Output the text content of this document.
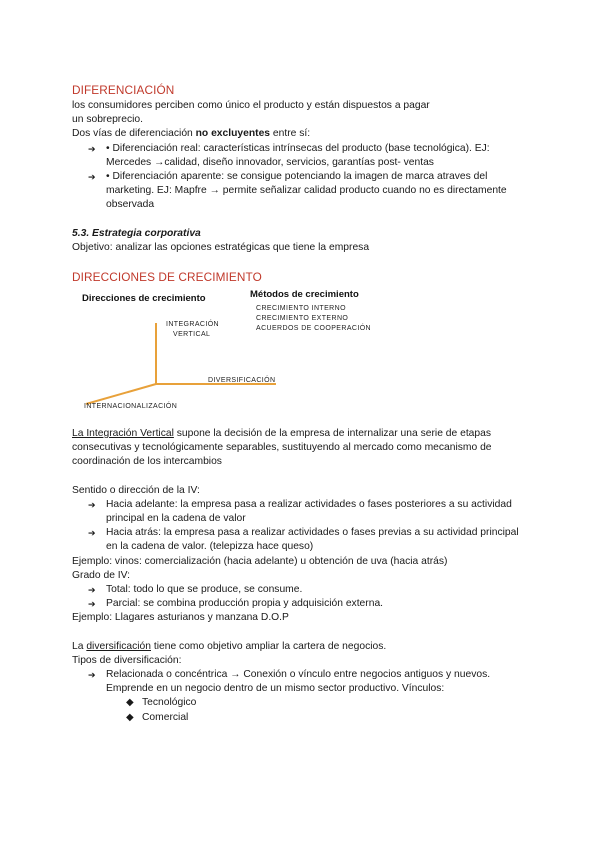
DIFERENCIACIÓN

los consumidores perciben como único el producto y están dispuestos a pagar

un sobreprecio.

Dos vías de diferenciación no excluyentes entre sí:

➔ • Diferenciación real: características intrínsecas del producto (base tecnológica). EJ: Mercedes →calidad, diseño innovador, servicios, garantías post- ventas
➔ • Diferenciación aparente: se consigue potenciando la imagen de marca atraves del marketing. EJ: Mapfre → permite señalizar calidad producto cuando no es directamente observada

5.3. Estrategia corporativa

Objetivo: analizar las opciones estratégicas que tiene la empresa

DIRECCIONES DE CRECIMIENTO
Direcciones de crecimiento	Métodos de crecimiento
CRECIMIENTO INTERNO
CRECIMIENTO EXTERNO
ACUERDOS DE COOPERACIÓN
INTEGRACIÓN
VERTICAL
DIVERSIFICACIÓN
INTERNACIONALIZACIÓN

La Integración Vertical supone la decisión de la empresa de internalizar una serie de etapas consecutivas y tecnológicamente separables, sustituyendo al mercado como mecanismo de coordinación de los intercambios

Sentido o dirección de la IV:

➔ Hacia adelante: la empresa pasa a realizar actividades o fases posteriores a su actividad principal en la cadena de valor
➔ Hacia atrás: la empresa pasa a realizar actividades o fases previas a su actividad principal en la cadena de valor. (telepizza hace queso)

Ejemplo: vinos: comercialización (hacia adelante) u obtención de uva (hacia atrás)

Grado de IV:

➔ Total: todo lo que se produce, se consume.
➔ Parcial: se combina producción propia y adquisición externa.

Ejemplo: Llagares asturianos y manzana D.O.P

La diversificación tiene como objetivo ampliar la cartera de negocios.

Tipos de diversificación:

➔ Relacionada o concéntrica → Conexión o vínculo entre negocios antiguos y nuevos. Emprende en un negocio dentro de un mismo sector productivo. Vínculos:
◆ Tecnológico
◆ Comercial
